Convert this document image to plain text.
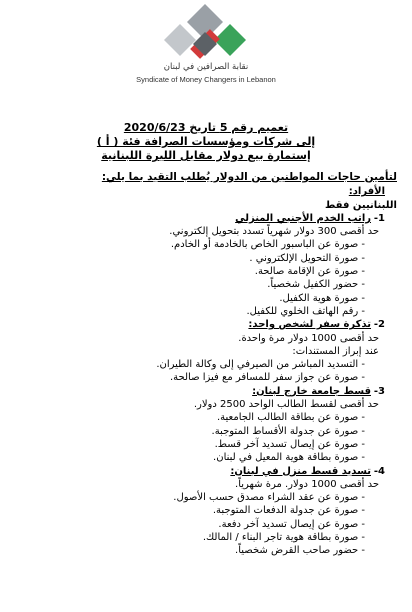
نقابة الصرافين في لبنان
Syndicate of Money Changers in Lebanon
تعميم رقم 5 تاريخ 2020/6/23
إلى شركات ومؤسسات الصرافة فئة ( أ )
إستمارة بيع دولار مقابل الليرة اللبنانية
لتأمين حاجات المواطنين من الدولار يُطلب التقيد بما يلي:
الأفراد:
اللبنانيين فقط
1-راتب الخدم الأجنبي المنزلي
حد أقصى 300 دولار شهرياً تسدد بتحويل إلكتروني.
- صورة عن الباسبور الخاص بالخادمة أو الخادم.
- صورة التحويل الإلكتروني .
- صورة عن الإقامة صالحة.
- حضور الكفيل شخصياً.
- صورة هوية الكفيل.
- رقم الهاتف الخلوي للكفيل.
2-تذكرة سفر لشخص واحد:
حد أقصى 1000 دولار مرة واحدة.
عند إبراز المستندات:
- التسديد المباشر من الصيرفي إلى وكالة الطيران.
- صورة عن جواز سفر للمسافر مع فيزا صالحة.
3-قسط جامعة خارج لبنان:
حد أقصى لقسط الطالب الواحد 2500 دولار.
- صورة عن بطاقة الطالب الجامعية.
- صورة عن جدولة الأقساط المتوجبة.
- صورة عن إيصال تسديد آخر قسط.
- صورة بطاقة هوية المعيل في لبنان.
4-تسديد قسط منزل في لبنان:
حد أقصى 1000 دولار. مرة شهرياً.
- صورة عن عقد الشراء مصدق حسب الأصول.
- صورة عن جدولة الدفعات المتوجبة.
- صورة عن إيصال تسديد آخر دفعة.
- صورة بطاقة هوية تاجر البناء / المالك.
- حضور صاحب القرض شخصياً.
